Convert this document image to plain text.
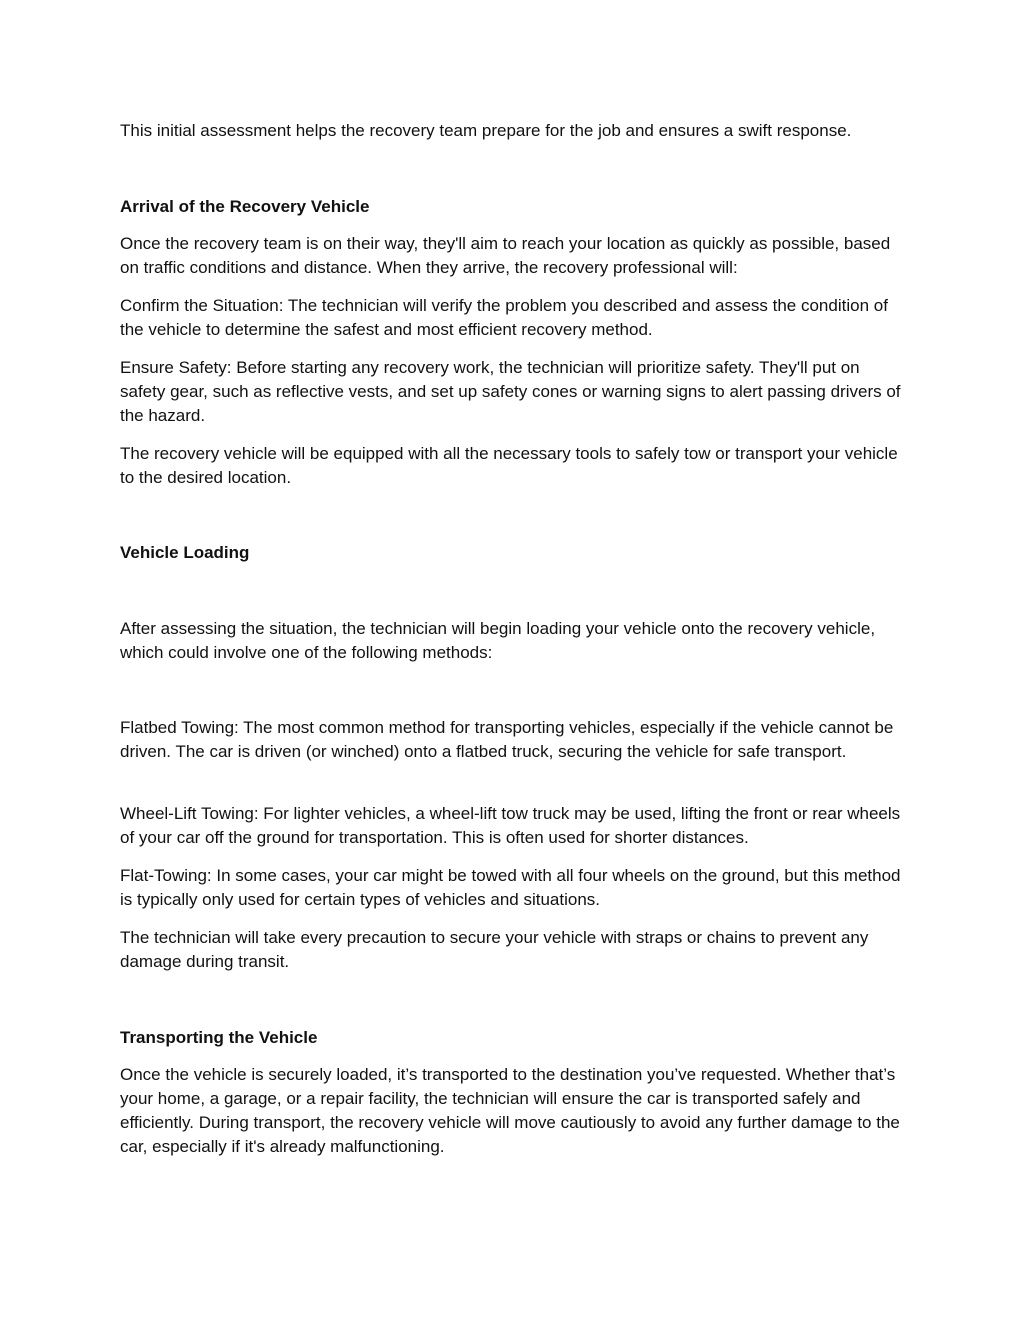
This initial assessment helps the recovery team prepare for the job and ensures a swift response.

Arrival of the Recovery Vehicle

Once the recovery team is on their way, they'll aim to reach your location as quickly as possible, based on traffic conditions and distance. When they arrive, the recovery professional will:

Confirm the Situation: The technician will verify the problem you described and assess the condition of the vehicle to determine the safest and most efficient recovery method.

Ensure Safety: Before starting any recovery work, the technician will prioritize safety. They'll put on safety gear, such as reflective vests, and set up safety cones or warning signs to alert passing drivers of the hazard.

The recovery vehicle will be equipped with all the necessary tools to safely tow or transport your vehicle to the desired location.

Vehicle Loading

After assessing the situation, the technician will begin loading your vehicle onto the recovery vehicle, which could involve one of the following methods:

Flatbed Towing: The most common method for transporting vehicles, especially if the vehicle cannot be driven. The car is driven (or winched) onto a flatbed truck, securing the vehicle for safe transport.

Wheel-Lift Towing: For lighter vehicles, a wheel-lift tow truck may be used, lifting the front or rear wheels of your car off the ground for transportation. This is often used for shorter distances.

Flat-Towing: In some cases, your car might be towed with all four wheels on the ground, but this method is typically only used for certain types of vehicles and situations.

The technician will take every precaution to secure your vehicle with straps or chains to prevent any damage during transit.

Transporting the Vehicle

Once the vehicle is securely loaded, it’s transported to the destination you’ve requested. Whether that’s your home, a garage, or a repair facility, the technician will ensure the car is transported safely and efficiently. During transport, the recovery vehicle will move cautiously to avoid any further damage to the car, especially if it's already malfunctioning.
